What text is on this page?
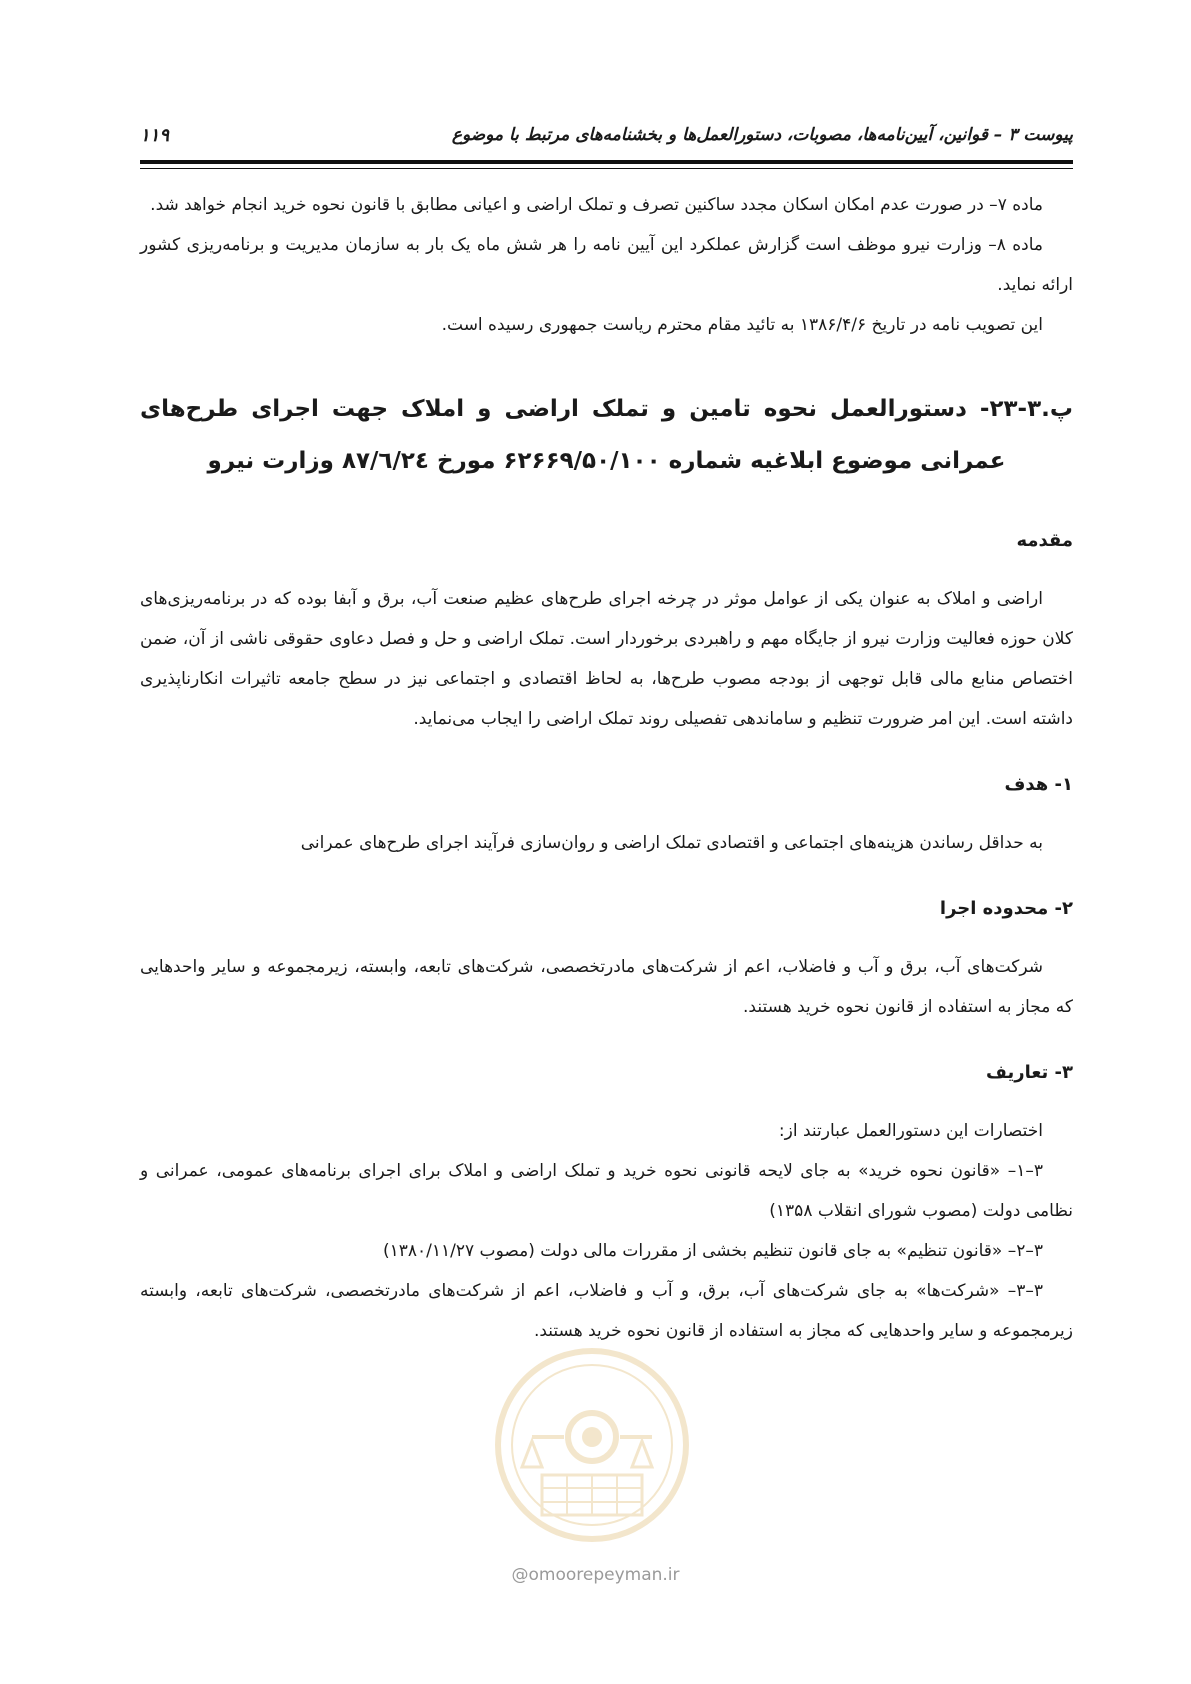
پیوست ۳ – قوانین، آیین‌نامه‌ها، مصوبات، دستورالعمل‌ها و بخشنامه‌های مرتبط با موضوع
۱۱۹

ماده ۷– در صورت عدم امکان اسکان مجدد ساکنین تصرف و تملک اراضی و اعیانی مطابق با قانون نحوه خرید انجام خواهد شد.

ماده ۸– وزارت نیرو موظف است گزارش عملکرد این آیین نامه را هر شش ماه یک بار به سازمان مدیریت و برنامه‌ریزی کشور ارائه نماید.

این تصویب نامه در تاریخ ۱۳۸۶/۴/۶ به تائید مقام محترم ریاست جمهوری رسیده است.

پ.۳-۲۳- دستورالعمل نحوه تامین و تملک اراضی و املاک جهت اجرای طرح‌های عمرانی موضوع ابلاغیه شماره ۶۲۶۶۹/۵۰/۱۰۰ مورخ ۸۷/٦/٢٤ وزارت نیرو

مقدمه

اراضی و املاک به عنوان یکی از عوامل موثر در چرخه اجرای طرح‌های عظیم صنعت آب، برق و آبفا بوده که در برنامه‌ریزی‌های کلان حوزه فعالیت وزارت نیرو از جایگاه مهم و راهبردی برخوردار است. تملک اراضی و حل و فصل دعاوی حقوقی ناشی از آن، ضمن اختصاص منابع مالی قابل توجهی از بودجه مصوب طرح‌ها، به لحاظ اقتصادی و اجتماعی نیز در سطح جامعه تاثیرات انکارناپذیری داشته است. این امر ضرورت تنظیم و ساماندهی تفصیلی روند تملک اراضی را ایجاب می‌نماید.

۱- هدف

به حداقل رساندن هزینه‌های اجتماعی و اقتصادی تملک اراضی و روان‌سازی فرآیند اجرای طرح‌های عمرانی

۲- محدوده اجرا

شرکت‌های آب، برق و آب و فاضلاب، اعم از شرکت‌های مادرتخصصی، شرکت‌های تابعه، وابسته، زیرمجموعه و سایر واحدهایی که مجاز به استفاده از قانون نحوه خرید هستند.

۳- تعاریف

اختصارات این دستورالعمل عبارتند از:

۳–۱– «قانون نحوه خرید» به جای لایحه قانونی نحوه خرید و تملک اراضی و املاک برای اجرای برنامه‌های عمومی، عمرانی و نظامی دولت (مصوب شورای انقلاب ۱۳۵۸)

۳–۲– «قانون تنظیم» به جای قانون تنظیم بخشی از مقررات مالی دولت (مصوب ۱۳۸۰/۱۱/۲۷)

۳–۳– «شرکت‌ها» به جای شرکت‌های آب، برق، و آب و فاضلاب، اعم از شرکت‌های مادرتخصصی، شرکت‌های تابعه، وابسته زیرمجموعه و سایر واحدهایی که مجاز به استفاده از قانون نحوه خرید هستند.

@omoorepeyman.ir
